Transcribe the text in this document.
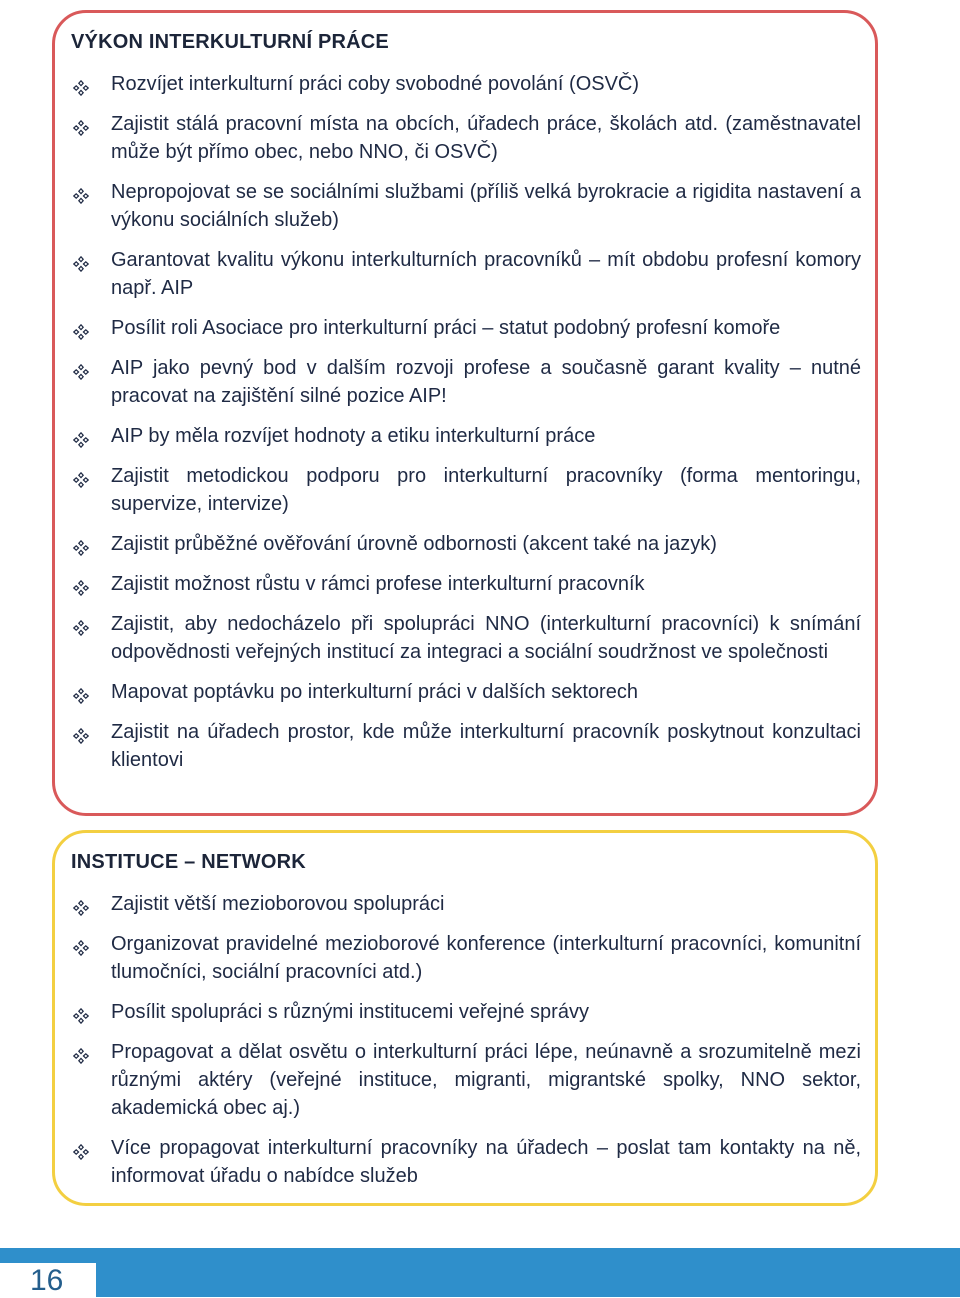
VÝKON INTERKULTURNÍ PRÁCE
Rozvíjet interkulturní práci coby svobodné povolání (OSVČ)
Zajistit stálá pracovní místa na obcích, úřadech práce, školách atd. (zaměstnavatel může být přímo obec, nebo NNO, či OSVČ)
Nepropojovat se se sociálními službami (příliš velká byrokracie a rigidita nastavení a výkonu sociálních služeb)
Garantovat kvalitu výkonu interkulturních pracovníků – mít obdobu profesní komory např. AIP
Posílit roli Asociace pro interkulturní práci – statut podobný profesní komoře
AIP jako pevný bod v dalším rozvoji profese a současně garant kvality – nutné pracovat na zajištění silné pozice AIP!
AIP by měla rozvíjet hodnoty a etiku interkulturní práce
Zajistit metodickou podporu pro interkulturní pracovníky (forma mentoringu, supervize, intervize)
Zajistit průběžné ověřování úrovně odbornosti (akcent také na jazyk)
Zajistit možnost růstu v rámci profese interkulturní pracovník
Zajistit, aby nedocházelo při spolupráci NNO (interkulturní pracovníci) k snímání odpovědnosti veřejných institucí za integraci a sociální soudržnost ve společnosti
Mapovat poptávku po interkulturní práci v dalších sektorech
Zajistit na úřadech prostor, kde může interkulturní pracovník poskytnout konzultaci klientovi
INSTITUCE – NETWORK
Zajistit větší mezioborovou spolupráci
Organizovat pravidelné mezioborové konference (interkulturní pracovníci, komunitní tlumočníci, sociální pracovníci atd.)
Posílit spolupráci s různými institucemi veřejné správy
Propagovat a dělat osvětu o interkulturní práci lépe, neúnavně a srozumitelně mezi různými aktéry (veřejné instituce, migranti, migrantské spolky, NNO sektor, akademická obec aj.)
Více propagovat interkulturní pracovníky na úřadech – poslat tam kontakty na ně, informovat úřadu o nabídce služeb
16
